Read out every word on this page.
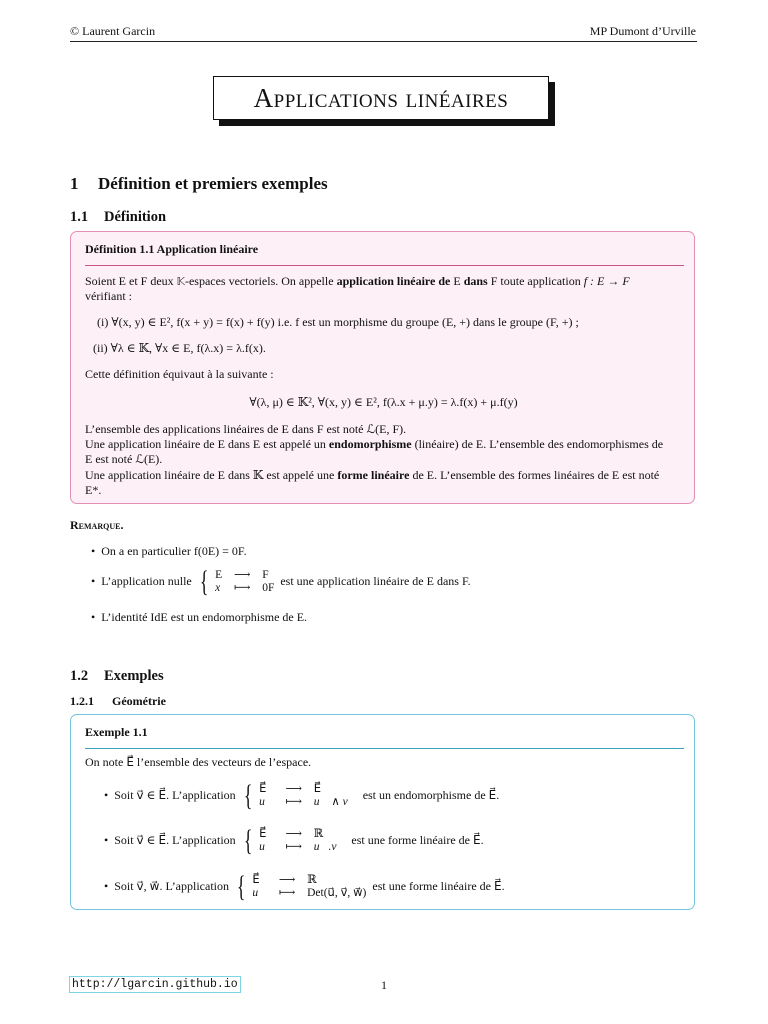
© Laurent Garcin	MP Dumont d’Urville
Applications linéaires
1 Définition et premiers exemples
1.1 Définition
Définition 1.1 Application linéaire
Soient E et F deux 𝕂-espaces vectoriels. On appelle application linéaire de E dans F toute application f : E → F
vérifiant :
(i) ∀(x, y) ∈ E², f(x + y) = f(x) + f(y) i.e. f est un morphisme du groupe (E, +) dans le groupe (F, +) ;
(ii) ∀λ ∈ 𝕂, ∀x ∈ E, f(λ.x) = λ.f(x).
Cette définition équivaut à la suivante :
∀(λ, μ) ∈ 𝕂², ∀(x, y) ∈ E², f(λ.x + μ.y) = λ.f(x) + μ.f(y)
L’ensemble des applications linéaires de E dans F est noté ℒ(E, F).
Une application linéaire de E dans E est appelé un endomorphisme (linéaire) de E. L’ensemble des endomorphismes de
E est noté ℒ(E).
Une application linéaire de E dans 𝕂 est appelé une forme linéaire de E. L’ensemble des formes linéaires de E est noté
E*.
Remarque.
•  On a en particulier f(0E) = 0F.
•  L’application nulle { E	⟶	F
x	⟼	0F
est une application linéaire de E dans F.
•  L’identité IdE est un endomorphisme de E.
1.2 Exemples
1.2.1 Géométrie
Exemple 1.1
On note E⃗ l’ensemble des vecteurs de l’espace.
•  Soit v⃗ ∈ E⃗. L’application { E⃗	⟶	E⃗
u⃗	⟼	u⃗ ∧ v⃗
est un endomorphisme de E⃗.
•  Soit v⃗ ∈ E⃗. L’application { E⃗	⟶	ℝ
u⃗	⟼	u⃗.v⃗
est une forme linéaire de E⃗.
•  Soit v⃗, w⃗. L’application { E⃗	⟶	ℝ
u⃗	⟼	Det(u⃗, v⃗, w⃗)
est une forme linéaire de E⃗.
http://lgarcin.github.io	1
